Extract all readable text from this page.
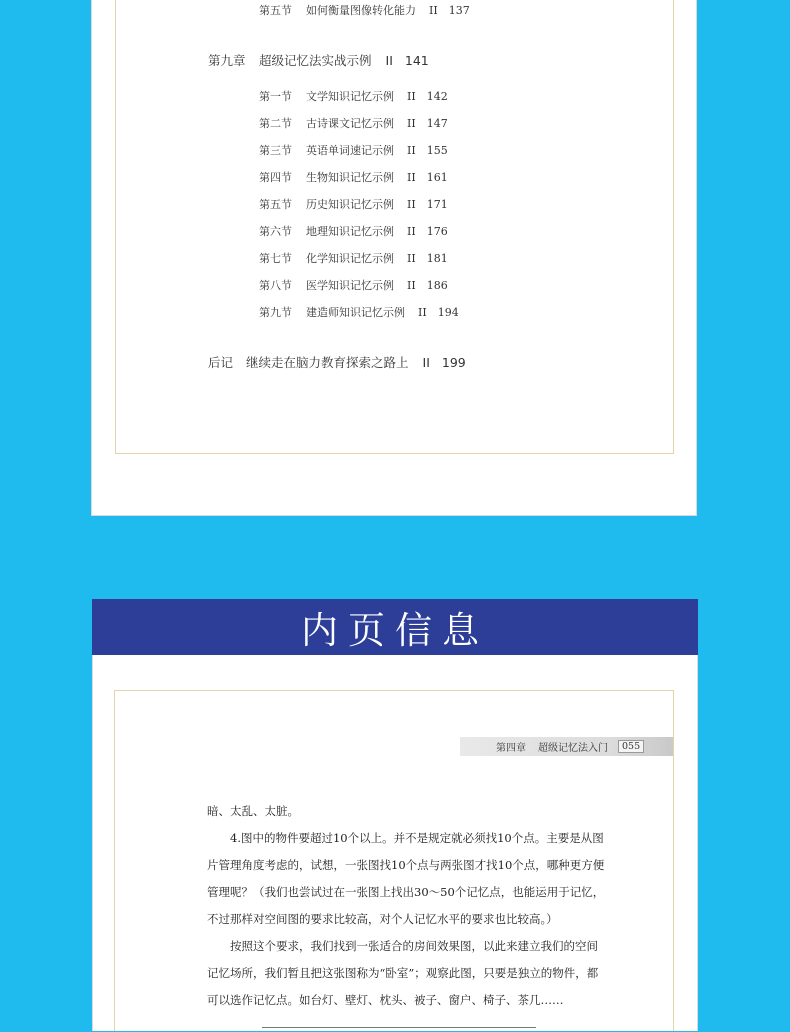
第五节 如何衡量图像转化能力 II 137
第九章 超级记忆法实战示例 II 141
第一节 文学知识记忆示例 II 142
第二节 古诗课文记忆示例 II 147
第三节 英语单词速记示例 II 155
第四节 生物知识记忆示例 II 161
第五节 历史知识记忆示例 II 171
第六节 地理知识记忆示例 II 176
第七节 化学知识记忆示例 II 181
第八节 医学知识记忆示例 II 186
第九节 建造师知识记忆示例 II 194
后记 继续走在脑力教育探索之路上 II 199
内页信息
第四章 超级记忆法入门	055

暗、太乱、太脏。

4.图中的物件要超过10个以上。并不是规定就必须找10个点。主要是从图片管理角度考虑的，试想，一张图找10个点与两张图才找10个点，哪种更方便管理呢？（我们也尝试过在一张图上找出30～50个记忆点，也能运用于记忆，不过那样对空间图的要求比较高，对个人记忆水平的要求也比较高。）

按照这个要求，我们找到一张适合的房间效果图，以此来建立我们的空间记忆场所，我们暂且把这张图称为“卧室”；观察此图，只要是独立的物件，都可以选作记忆点。如台灯、壁灯、枕头、被子、窗户、椅子、茶几……
